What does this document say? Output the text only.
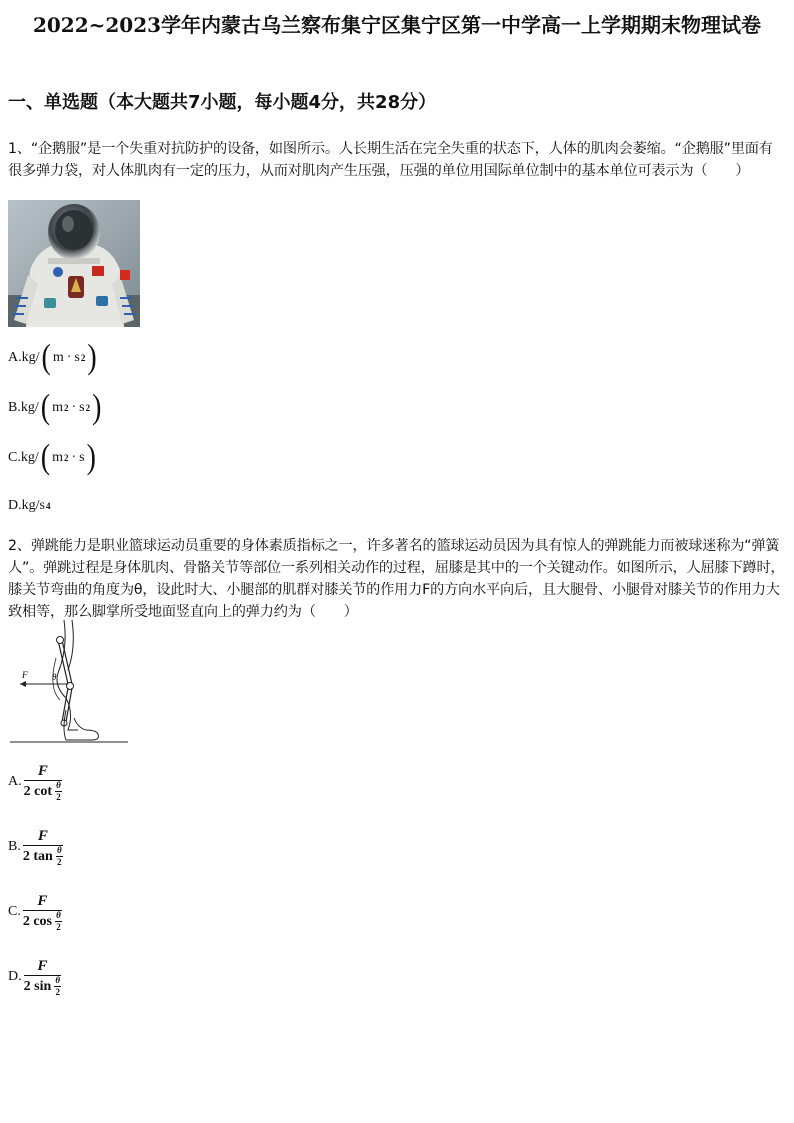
2022~2023学年内蒙古乌兰察布集宁区集宁区第一中学高一上学期期末物理试卷
一、单选题（本大题共7小题，每小题4分，共28分）
1、“企鹅服”是一个失重对抗防护的设备，如图所示。人长期生活在完全失重的状态下，人体的肌肉会萎缩。“企鹅服”里面有很多弹力袋，对人体肌肉有一定的压力，从而对肌肉产生压强，压强的单位用国际单位制中的基本单位可表示为（　　）
A.kg/ ( m · s 2 )
B.kg/ ( m 2 · s 2 )
C.kg/ ( m 2 · s )
D.kg/s 4
2、弹跳能力是职业篮球运动员重要的身体素质指标之一，许多著名的篮球运动员因为具有惊人的弹跳能力而被球迷称为“弹簧人”。弹跳过程是身体肌肉、骨骼关节等部位一系列相关动作的过程，屈膝是其中的一个关键动作。如图所示，人屈膝下蹲时，膝关节弯曲的角度为θ，设此时大、小腿部的肌群对膝关节的作用力F的方向水平向后，且大腿骨、小腿骨对膝关节的作用力大致相等，那么脚掌所受地面竖直向上的弹力约为（　　）
F	θ
A. F
2
cot θ
2
B. F
2
tan θ
2
C. F
2
cos θ
2
D. F
2
sin θ
2
